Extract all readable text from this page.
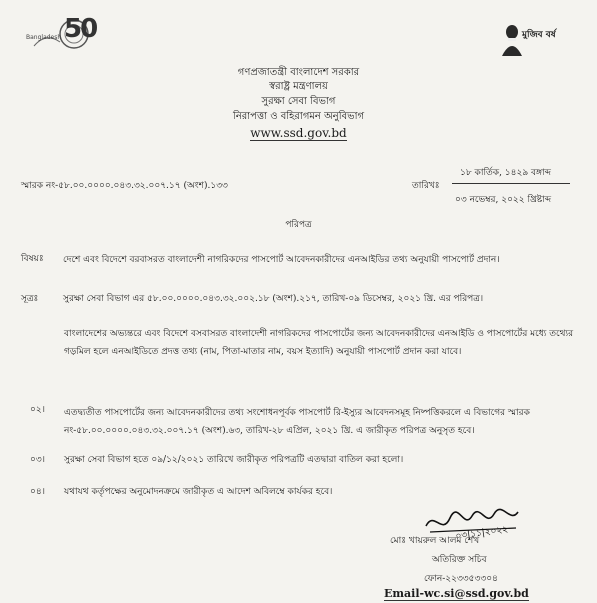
Bangladesh 50	মুজিব বর্ষ
গণপ্রজাতন্ত্রী বাংলাদেশ সরকার
স্বরাষ্ট্র মন্ত্রণালয়
সুরক্ষা সেবা বিভাগ
নিরাপত্তা ও বহিরাগমন অনুবিভাগ
www.ssd.gov.bd
স্মারক নং-৫৮.০০.০০০০.০৪৩.৩২.০০৭.১৭ (অংশ).১৩৩	তারিখঃ
১৮ কার্তিক, ১৪২৯ বঙ্গাব্দ
০৩ নভেম্বর, ২০২২ খ্রিষ্টাব্দ
পরিপত্র
বিষয়ঃ দেশে এবং বিদেশে বরবাসরত বাংলাদেশী নাগরিকদের পাসপোর্ট আবেদনকারীদের এনআইডির তথ্য অনুযায়ী পাসপোর্ট প্রদান।
সূত্রঃ	সুরক্ষা সেবা বিভাগ এর ৫৮.০০.০০০০.০৪৩.৩২.০০২.১৮ (অংশ).২১৭, তারিখ-০৯ ডিসেম্বর, ২০২১ খ্রি. এর পরিপত্র।
বাংলাদেশের অভ্যন্তরে এবং বিদেশে বসবাসরত বাংলাদেশী নাগরিকদের পাসপোর্টের জন্য আবেদনকারীদের এনআইডি ও পাসপোর্টের মধ্যে তথ্যের গড়মিল হলে এনআইডিতে প্রদত্ত তথ্য (নাম, পিতা-মাতার নাম, বয়স ইত্যাদি) অনুযায়ী পাসপোর্ট প্রদান করা যাবে।
০২। এতদ্ব্যতীত পাসপোর্টের জন্য আবেদনকারীদের তথ্য সংশোধনপূর্বক পাসপোর্ট রি-ইস্যুর আবেদনসমূহ নিষ্পত্তিকরলে এ বিভাগের স্মারক নং-৫৮.০০.০০০০.০৪৩.৩২.০০৭.১৭ (অংশ).৬৩, তারিখ-২৮ এপ্রিল, ২০২১ খ্রি. এ জারীকৃত পরিপত্র অনুসৃত হবে।
০৩। সুরক্ষা সেবা বিভাগ হতে ০৯/১২/২০২১ তারিখে জারীকৃত পরিপত্রটি এতদ্বারা বাতিল করা হলো।
০৪। যথাযথ কর্তৃপক্ষের অনুমোদনক্রমে জারীকৃত এ আদেশ অবিলম্বে কার্যকর হবে।
০৩|১১|২০২২
মোঃ খায়রুল আলম শেখ
অতিরিক্ত সচিব
ফোন-২২৩৩৫৩৩০৪
Email-wc.si@ssd.gov.bd
